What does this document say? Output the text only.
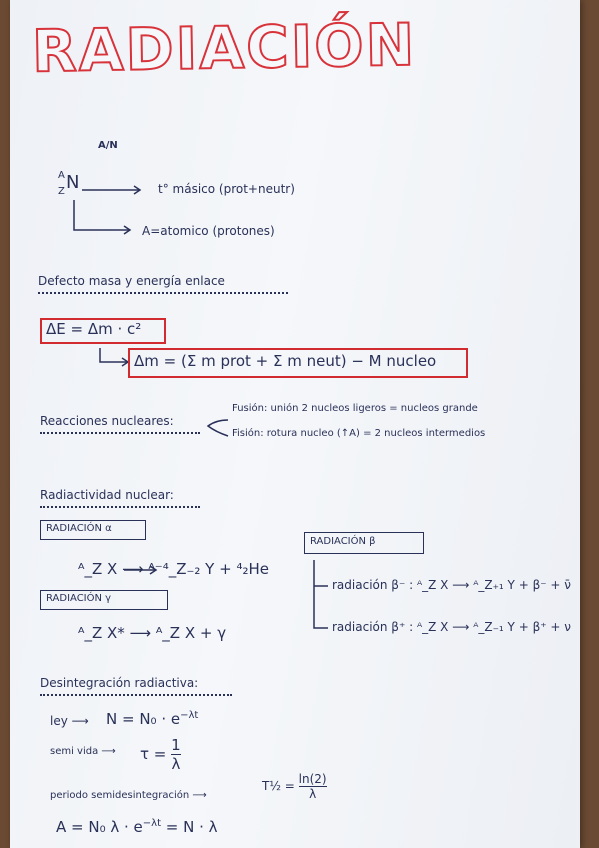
RADIACIÓN
A/N
A
Z N	t° másico (prot+neutr)
A=atomico (protones)
Defecto masa y energía enlace
ΔE = Δm · c²
Δm = (Σ m prot + Σ m neut) − M nucleo
Reacciones nucleares:
Fusión: unión 2 nucleos ligeros = nucleos grande
Fisión: rotura nucleo (↑A) = 2 nucleos intermedios
Radiactividad nuclear:
RADIACIÓN α
ᴬ_Z X ⟶ ᴬ⁻⁴_Z₋₂ Y + ⁴₂He
RADIACIÓN γ
ᴬ_Z X* ⟶ ᴬ_Z X + γ
RADIACIÓN β
radiación β⁻ : ᴬ_Z X ⟶ ᴬ_Z₊₁ Y + β⁻ + ν̄
radiación β⁺ : ᴬ_Z X ⟶ ᴬ_Z₋₁ Y + β⁺ + ν
Desintegración radiactiva:
ley ⟶ $N = N_0 \cdot e^{-\lambda t}$
semi vida ⟶ $\tau = \frac{1}{\lambda}$
periodo semidesintegración ⟶
T½ = $\frac{\ln(2)}{\lambda}$
A = N₀ $\lambda \cdot e^{-\lambda t} = N \cdot \lambda$
